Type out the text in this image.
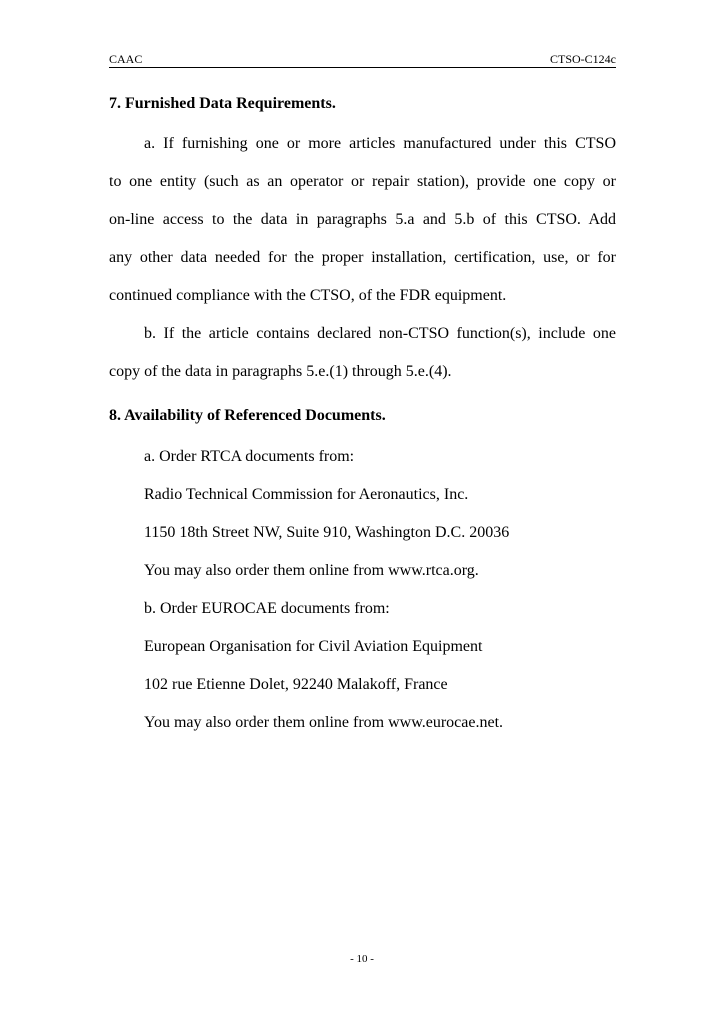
CAAC	CTSO-C124c
7. Furnished Data Requirements.
a. If furnishing one or more articles manufactured under this CTSO
to one entity (such as an operator or repair station), provide one copy or
on-line access to the data in paragraphs 5.a and 5.b of this CTSO. Add
any other data needed for the proper installation, certification, use, or for
continued compliance with the CTSO, of the FDR equipment.
b. If the article contains declared non-CTSO function(s), include one
copy of the data in paragraphs 5.e.(1) through 5.e.(4).
8. Availability of Referenced Documents.
a. Order RTCA documents from:
Radio Technical Commission for Aeronautics, Inc.
1150 18th Street NW, Suite 910, Washington D.C. 20036
You may also order them online from www.rtca.org.
b. Order EUROCAE documents from:
European Organisation for Civil Aviation Equipment
102 rue Etienne Dolet, 92240 Malakoff, France
You may also order them online from www.eurocae.net.
- 10 -
